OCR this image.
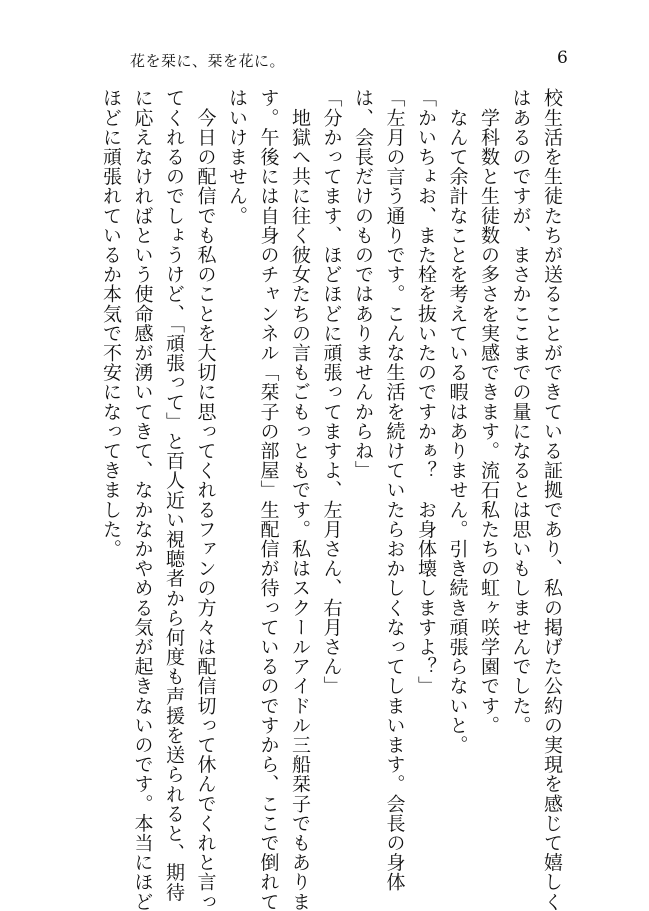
花を栞に、栞を花に。	6
校生活を生徒たちが送ることができている証拠であり、私の掲げた公約の実現を感じて嬉しく
はあるのですが、まさかここまでの量になるとは思いもしませんでした。
　学科数と生徒数の多さを実感できます。流石私たちの虹ヶ咲学園です。
　なんて余計なことを考えている暇はありません。引き続き頑張らないと。
「かいちょお、また栓を抜いたのですかぁ？　お身体壊しますよ？」
「左月の言う通りです。こんな生活を続けていたらおかしくなってしまいます。会長の身体
は、会長だけのものではありませんからね」
「分かってます、ほどほどに頑張ってますよ、左月さん、右月さん」
　地獄へ共に往く彼女たちの言もごもっともです。私はスクールアイドル三船栞子でもありま
す。午後には自身のチャンネル「栞子の部屋」生配信が待っているのですから、ここで倒れて
はいけません。
　今日の配信でも私のことを大切に思ってくれるファンの方々は配信切って休んでくれと言っ
てくれるのでしょうけど、「頑張って」と百人近い視聴者から何度も声援を送られると、期待
に応えなければという使命感が湧いてきて、なかなかやめる気が起きないのです。本当にほど
ほどに頑張れているか本気で不安になってきました。
